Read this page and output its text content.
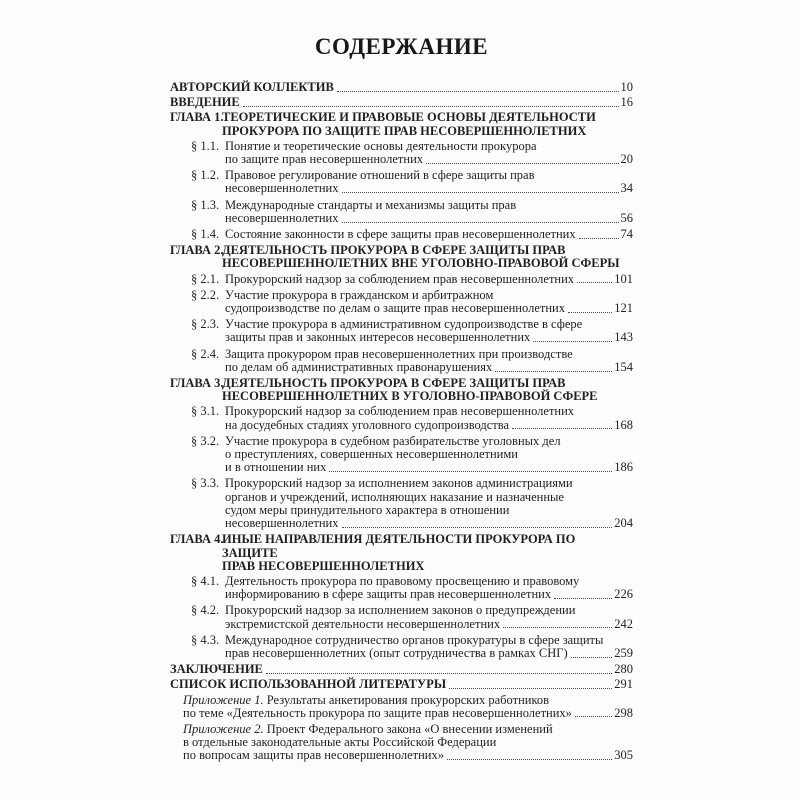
СОДЕРЖАНИЕ
АВТОРСКИЙ КОЛЛЕКТИВ	10
ВВЕДЕНИЕ	16
ГЛАВА 1.
ТЕОРЕТИЧЕСКИЕ И ПРАВОВЫЕ ОСНОВЫ ДЕЯТЕЛЬНОСТИ
ПРОКУРОРА ПО ЗАЩИТЕ ПРАВ НЕСОВЕРШЕННОЛЕТНИХ
§ 1.1. Понятие и теоретические основы деятельности прокурора
по защите прав несовершеннолетних	20
§ 1.2. Правовое регулирование отношений в сфере защиты прав
несовершеннолетних	34
§ 1.3. Международные стандарты и механизмы защиты прав
несовершеннолетних	56
§ 1.4. Состояние законности в сфере защиты прав несовершеннолетних	74
ГЛАВА 2.
ДЕЯТЕЛЬНОСТЬ ПРОКУРОРА В СФЕРЕ ЗАЩИТЫ ПРАВ
НЕСОВЕРШЕННОЛЕТНИХ ВНЕ УГОЛОВНО-ПРАВОВОЙ СФЕРЫ
§ 2.1. Прокурорский надзор за соблюдением прав несовершеннолетних	101
§ 2.2. Участие прокурора в гражданском и арбитражном
судопроизводстве по делам о защите прав несовершеннолетних	121
§ 2.3. Участие прокурора в административном судопроизводстве в сфере
защиты прав и законных интересов несовершеннолетних	143
§ 2.4. Защита прокурором прав несовершеннолетних при производстве
по делам об административных правонарушениях	154
ГЛАВА 3.
ДЕЯТЕЛЬНОСТЬ ПРОКУРОРА В СФЕРЕ ЗАЩИТЫ ПРАВ
НЕСОВЕРШЕННОЛЕТНИХ В УГОЛОВНО-ПРАВОВОЙ СФЕРЕ
§ 3.1. Прокурорский надзор за соблюдением прав несовершеннолетних
на досудебных стадиях уголовного судопроизводства	168
§ 3.2. Участие прокурора в судебном разбирательстве уголовных дел
о преступлениях, совершенных несовершеннолетними
и в отношении них	186
§ 3.3. Прокурорский надзор за исполнением законов администрациями
органов и учреждений, исполняющих наказание и назначенные
судом меры принудительного характера в отношении
несовершеннолетних	204
ГЛАВА 4.
ИНЫЕ НАПРАВЛЕНИЯ ДЕЯТЕЛЬНОСТИ ПРОКУРОРА ПО ЗАЩИТЕ
ПРАВ НЕСОВЕРШЕННОЛЕТНИХ
§ 4.1. Деятельность прокурора по правовому просвещению и правовому
информированию в сфере защиты прав несовершеннолетних	226
§ 4.2. Прокурорский надзор за исполнением законов о предупреждении
экстремистской деятельности несовершеннолетних	242
§ 4.3. Международное сотрудничество органов прокуратуры в сфере защиты
прав несовершеннолетних (опыт сотрудничества в рамках СНГ)	259
ЗАКЛЮЧЕНИЕ	280
СПИСОК ИСПОЛЬЗОВАННОЙ ЛИТЕРАТУРЫ	291
Приложение 1. Результаты анкетирования прокурорских работников
по теме «Деятельность прокурора по защите прав несовершеннолетних»	298
Приложение 2. Проект Федерального закона «О внесении изменений
в отдельные законодательные акты Российской Федерации
по вопросам защиты прав несовершеннолетних»	305
